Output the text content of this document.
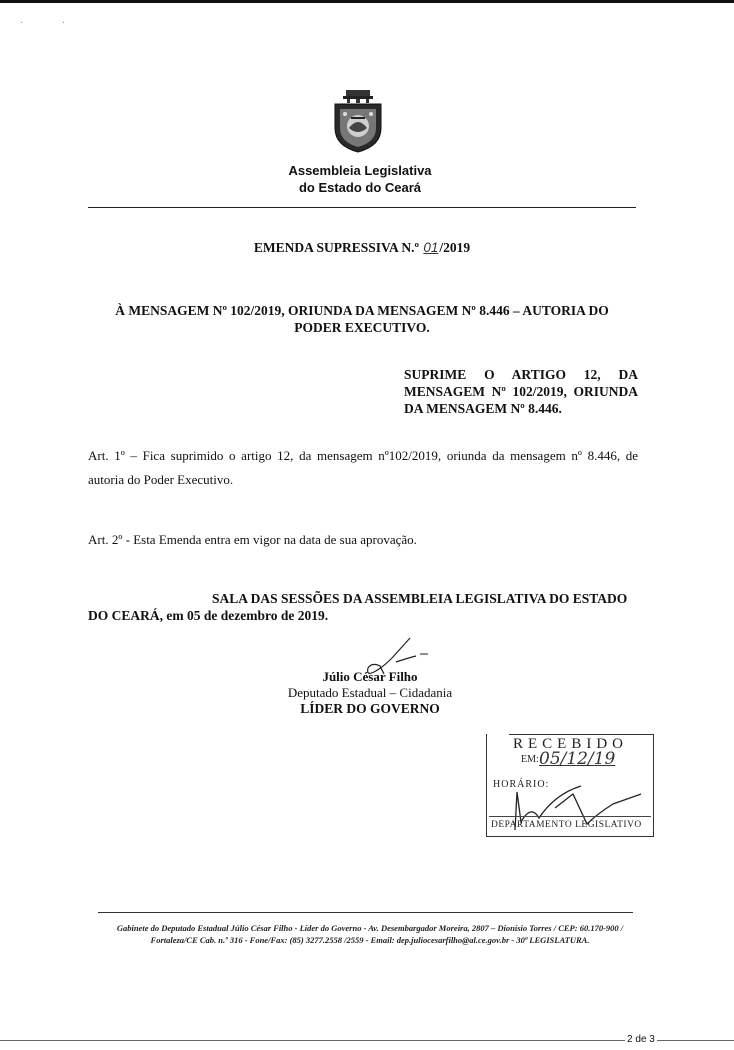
· ·
Assembleia Legislativa
do Estado do Ceará
EMENDA SUPRESSIVA N.º 01/2019
À MENSAGEM Nº 102/2019, ORIUNDA DA MENSAGEM Nº 8.446 – AUTORIA DO PODER EXECUTIVO.
SUPRIME O ARTIGO 12, DA MENSAGEM Nº 102/2019, ORIUNDA DA MENSAGEM Nº 8.446.
Art. 1º – Fica suprimido o artigo 12, da mensagem nº102/2019, oriunda da mensagem nº 8.446, de autoria do Poder Executivo.
Art. 2º - Esta Emenda entra em vigor na data de sua aprovação.
SALA DAS SESSÕES DA ASSEMBLEIA LEGISLATIVA DO ESTADO DO CEARÁ, em 05 de dezembro de 2019.
Júlio César Filho
Deputado Estadual – Cidadania
LÍDER DO GOVERNO
RECEBIDO
EM: 05/12/19
HORÁRIO:
DEPARTAMENTO LEGISLATIVO
Gabinete do Deputado Estadual Júlio César Filho - Líder do Governo - Av. Desembargador Moreira, 2807 – Dionísio Torres / CEP: 60.170-900 /
Fortaleza/CE Cab. n.º 316 - Fone/Fax: (85) 3277.2558 /2559 - Email: dep.juliocesarfilho@al.ce.gov.br - 30ª LEGISLATURA.
2 de 3
